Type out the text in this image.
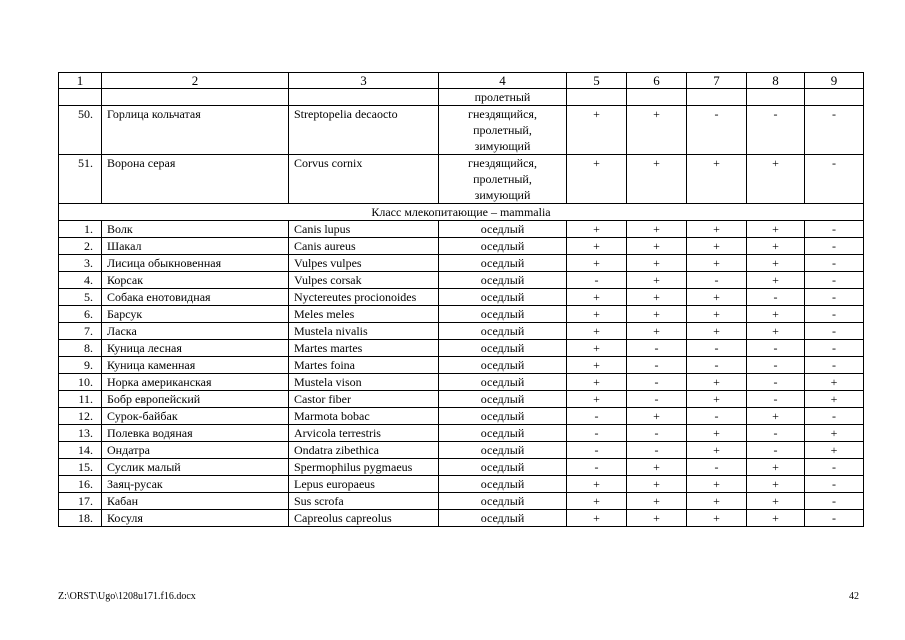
1	2	3	4	5	6	7	8	9
			пролетный					
50.	Горлица кольчатая	Streptopelia decaocto	гнездящийся, пролетный, зимующий	+	+	-	-	-
51.	Ворона серая	Corvus cornix	гнездящийся, пролетный, зимующий	+	+	+	+	-
Класс млекопитающие – mammalia								
1.	Волк	Canis lupus	оседлый	+	+	+	+	-
2.	Шакал	Canis aureus	оседлый	+	+	+	+	-
3.	Лисица обыкновенная	Vulpes vulpes	оседлый	+	+	+	+	-
4.	Корсак	Vulpes corsak	оседлый	-	+	-	+	-
5.	Собака енотовидная	Nyctereutes procionoides	оседлый	+	+	+	-	-
6.	Барсук	Meles meles	оседлый	+	+	+	+	-
7.	Ласка	Mustela nivalis	оседлый	+	+	+	+	-
8.	Куница лесная	Martes martes	оседлый	+	-	-	-	-
9.	Куница каменная	Martes foina	оседлый	+	-	-	-	-
10.	Норка американская	Mustela vison	оседлый	+	-	+	-	+
11.	Бобр европейский	Castor fiber	оседлый	+	-	+	-	+
12.	Сурок-байбак	Marmota bobac	оседлый	-	+	-	+	-
13.	Полевка водяная	Arvicola terrestris	оседлый	-	-	+	-	+
14.	Ондатра	Ondatra zibethica	оседлый	-	-	+	-	+
15.	Суслик малый	Spermophilus pygmaeus	оседлый	-	+	-	+	-
16.	Заяц-русак	Lepus europaeus	оседлый	+	+	+	+	-
17.	Кабан	Sus scrofa	оседлый	+	+	+	+	-
18.	Косуля	Capreolus capreolus	оседлый	+	+	+	+	-
Z:\ORST\Ugo\1208u171.f16.docx	42
